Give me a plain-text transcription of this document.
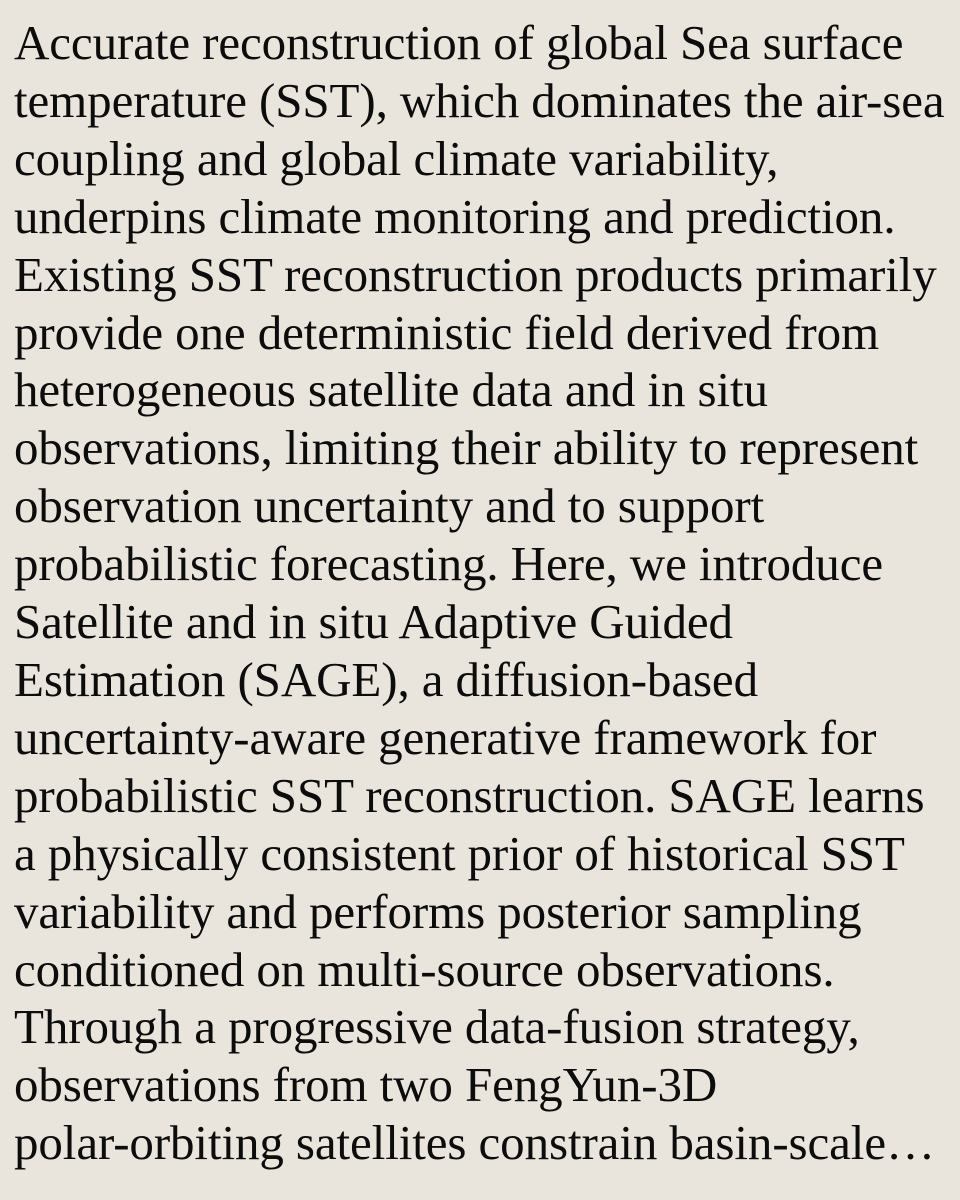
Accurate reconstruction of global Sea surface
temperature (SST), which dominates the air-sea
coupling and global climate variability,
underpins climate monitoring and prediction.
Existing SST reconstruction products primarily
provide one deterministic field derived from
heterogeneous satellite data and in situ
observations, limiting their ability to represent
observation uncertainty and to support
probabilistic forecasting. Here, we introduce
Satellite and in situ Adaptive Guided
Estimation (SAGE), a diffusion-based
uncertainty-aware generative framework for
probabilistic SST reconstruction. SAGE learns
a physically consistent prior of historical SST
variability and performs posterior sampling
conditioned on multi-source observations.
Through a progressive data-fusion strategy,
observations from two FengYun-3D
polar-orbiting satellites constrain basin-scale…
